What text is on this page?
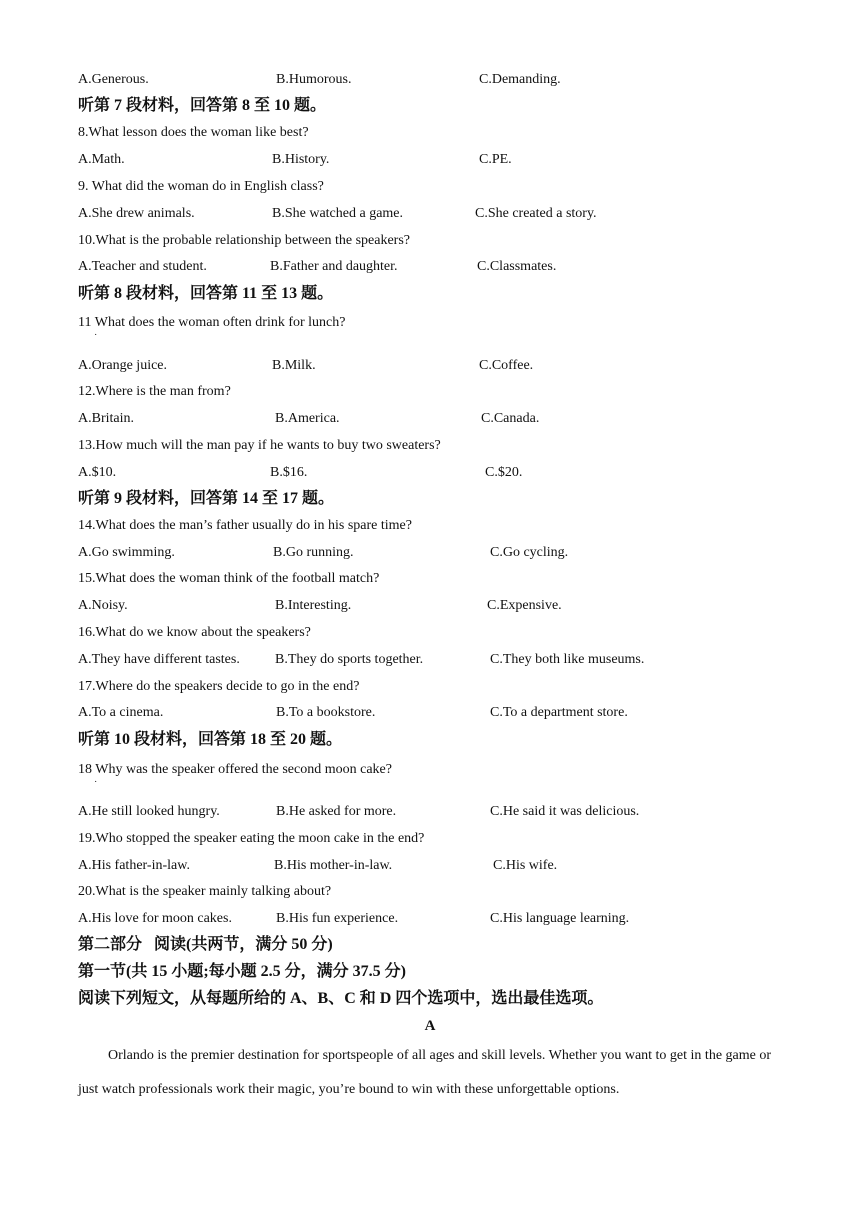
A.Generous.	B.Humorous.	C.Demanding.
听第 7 段材料，回答第 8 至 10 题。
8.What lesson does the woman like best?
A.Math.	B.History.	C.PE.
9. What did the woman do in English class?
A.She drew animals.	B.She watched a game.	C.She created a story.
10.What is the probable relationship between the speakers?
A.Teacher and student.	B.Father and daughter.	C.Classmates.
听第 8 段材料，回答第 11 至 13 题。
11 What does the woman often drink for lunch?
˙
A.Orange juice.	B.Milk.	C.Coffee.
12.Where is the man from?
A.Britain.	B.America.	C.Canada.
13.How much will the man pay if he wants to buy two sweaters?
A.$10.	B.$16.	C.$20.
听第 9 段材料，回答第 14 至 17 题。
14.What does the man’s father usually do in his spare time?
A.Go swimming.	B.Go running.	C.Go cycling.
15.What does the woman think of the football match?
A.Noisy.	B.Interesting.	C.Expensive.
16.What do we know about the speakers?
A.They have different tastes.	B.They do sports together.	C.They both like museums.
17.Where do the speakers decide to go in the end?
A.To a cinema.	B.To a bookstore.	C.To a department store.
听第 10 段材料，回答第 18 至 20 题。
18 Why was the speaker offered the second moon cake?
˙
A.He still looked hungry.	B.He asked for more.	C.He said it was delicious.
19.Who stopped the speaker eating the moon cake in the end?
A.His father-in-law.	B.His mother-in-law.	C.His wife.
20.What is the speaker mainly talking about?
A.His love for moon cakes.	B.His fun experience.	C.His language learning.
第二部分   阅读(共两节，满分 50 分)
第一节(共 15 小题;每小题 2.5 分，满分 37.5 分)
阅读下列短文，从每题所给的 A、B、C 和 D 四个选项中，选出最佳选项。
A
Orlando is the premier destination for sportspeople of all ages and skill levels. Whether you want to get in the game or just watch professionals work their magic, you’re bound to win with these unforgettable options.
